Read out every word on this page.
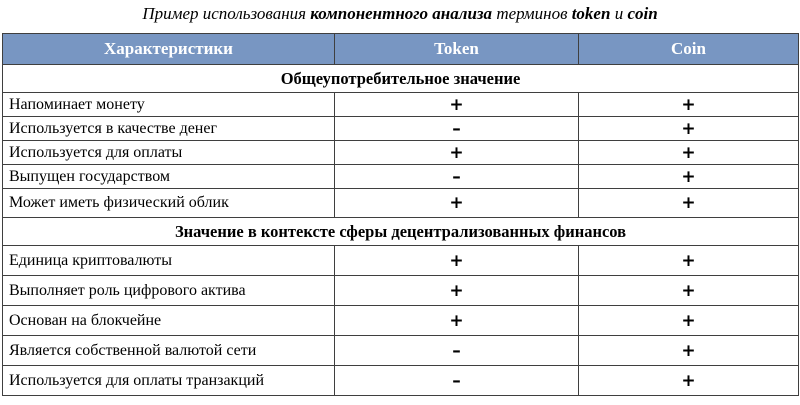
Пример использования компонентного анализа терминов token и coin
Характеристики	Token	Coin
Общеупотребительное значение		
Напоминает монету	+	+
Используется в качестве денег	–	+
Используется для оплаты	+	+
Выпущен государством	–	+
Может иметь физический облик	+	+
Значение в контексте сферы децентрализованных финансов		
Единица криптовалюты	+	+
Выполняет роль цифрового актива	+	+
Основан на блокчейне	+	+
Является собственной валютой сети	–	+
Используется для оплаты транзакций	–	+
